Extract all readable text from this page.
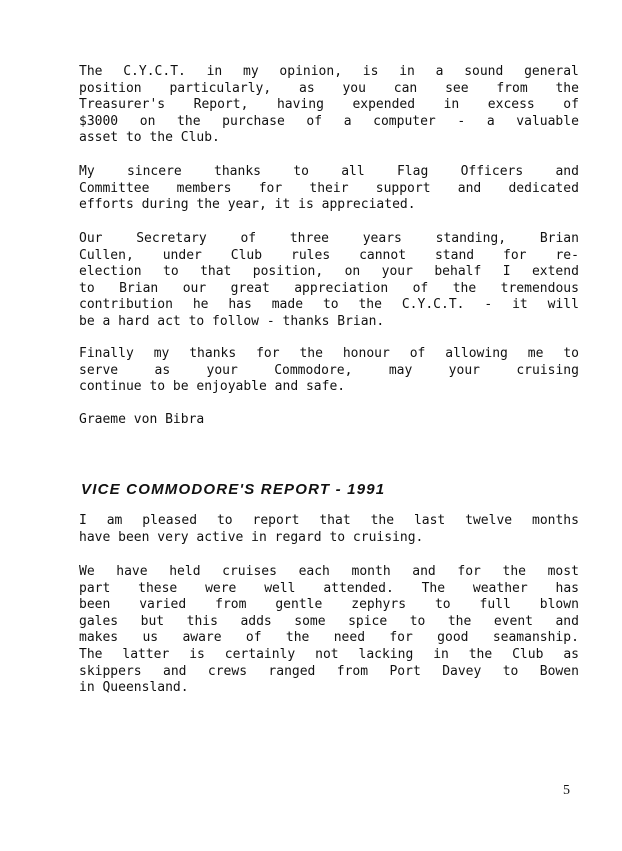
The C.Y.C.T. in my opinion, is in a sound general
position particularly, as you can see from the
Treasurer's Report, having expended in excess of
$3000 on the purchase of a computer - a valuable
asset to the Club.
My sincere thanks to all Flag Officers and
Committee members for their support and dedicated
efforts during the year, it is appreciated.
Our	Secretary	of	three	years	standing,	Brian
Cullen, under Club rules cannot stand for re-
election to that position, on your behalf I extend
to Brian our great appreciation of the tremendous
contribution he has made to the C.Y.C.T. - it will
be a hard act to follow - thanks Brian.
Finally my thanks for the honour of allowing me to
serve	as	your	Commodore,	may	your	cruising
continue to be enjoyable and safe.

Graeme von Bibra

VICE COMMODORE'S REPORT - 1991
I am pleased to report that the last twelve months
have been very active in regard to cruising.
We have held cruises each month and for the most
part these were well attended. The weather has
been varied from gentle zephyrs to full blown
gales but this adds some spice to the event and
makes us aware of the need for good seamanship.
The latter is certainly not lacking in the Club as
skippers and crews ranged from Port Davey to Bowen
in Queensland.
5
